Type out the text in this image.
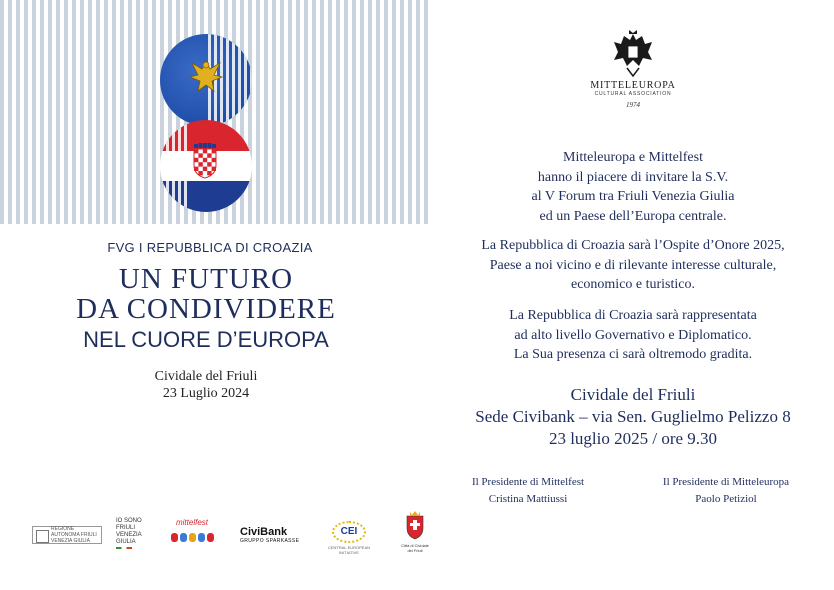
FVG I REPUBBLICA DI CROAZIA
UN FUTURO
DA CONDIVIDERE
NEL CUORE D’EUROPA
Cividale del Friuli
23 Luglio 2024
REGIONE AUTONOMA FRIULI VENEZIA GIULIA
IO SONO
FRIULI
VENEZIA
GIULIA
mittelfest
CiviBank
GRUPPO SPARKASSE
CEI
CENTRAL EUROPEAN INITIATIVE
Città di Cividale
del Friuli
MITTELEUROPA
CULTURAL ASSOCIATION
1974
Mitteleuropa e Mittelfest
hanno il piacere di invitare la S.V.
al V Forum tra Friuli Venezia Giulia
ed un Paese dell’Europa centrale.
La Repubblica di Croazia sarà l’Ospite d’Onore 2025,
Paese a noi vicino e di rilevante interesse culturale,
economico e turistico.
La Repubblica di Croazia sarà rappresentata
ad alto livello Governativo e Diplomatico.
La Sua presenza ci sarà oltremodo gradita.
Cividale del Friuli
Sede Civibank – via Sen. Guglielmo Pelizzo 8
23 luglio 2025 / ore 9.30
Il Presidente di Mittelfest
Cristina Mattiussi
Il Presidente di Mitteleuropa
Paolo Petiziol
